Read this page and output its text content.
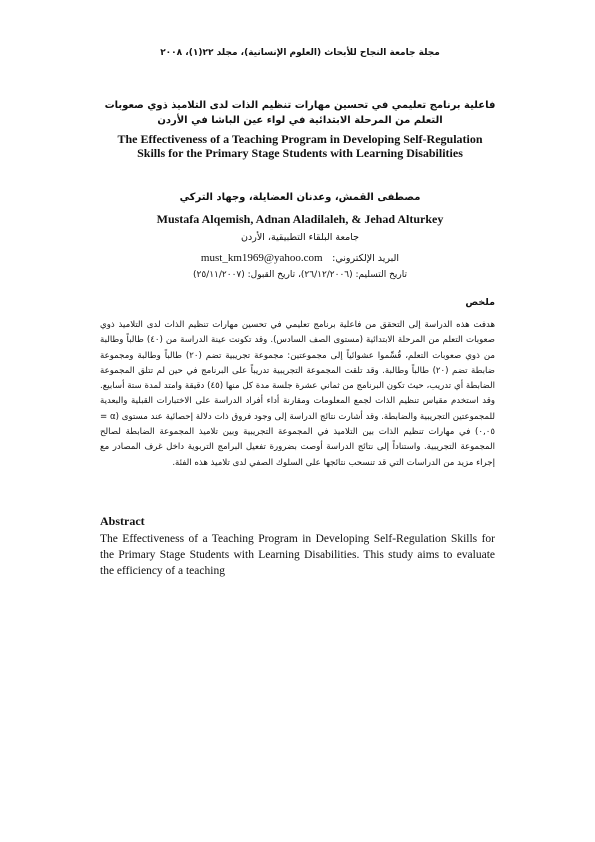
مجلة جامعة النجاح للأبحاث (العلوم الإنسانية)، مجلد ٢٢(١)، ٢٠٠٨
فاعلية برنامج تعليمي في تحسين مهارات تنظيم الذات لدى التلاميذ ذوي صعوبات التعلم من المرحلة الابتدائية في لواء عين الباشا في الأردن
The Effectiveness of a Teaching Program in Developing Self-Regulation Skills for the Primary Stage Students with Learning Disabilities
مصطفى القمش، وعدنان العضايلة، وجهاد التركي
Mustafa Alqemish, Adnan Aladilaleh, & Jehad Alturkey
جامعة البلقاء التطبيقية، الأردن
البريد الإلكتروني:   must_km1969@yahoo.com
تاريخ التسليم: (٢٦/١٢/٢٠٠٦)، تاريخ القبول: (٢٥/١١/٢٠٠٧)
ملخص
هدفت هذه الدراسة إلى التحقق من فاعلية برنامج تعليمي في تحسين مهارات تنظيم الذات لدى التلاميذ ذوي صعوبات التعلم من المرحلة الابتدائية (مستوى الصف السادس). وقد تكونت عينة الدراسة من (٤٠) طالباً وطالبة من ذوي صعوبات التعلم، قُسِّموا عشوائياً إلى مجموعتين: مجموعة تجريبية تضم (٢٠) طالباً وطالبة ومجموعة ضابطة تضم (٢٠) طالباً وطالبة. وقد تلقت المجموعة التجريبية تدريباً على البرنامج في حين لم تتلق المجموعة الضابطة أي تدريب، حيث تكون البرنامج من ثماني عشرة جلسة مدة كل منها (٤٥) دقيقة وامتد لمدة ستة أسابيع. وقد استخدم مقياس تنظيم الذات لجمع المعلومات ومقارنة أداء أفراد الدراسة على الاختبارات القبلية والبعدية للمجموعتين التجريبية والضابطة. وقد أشارت نتائج الدراسة إلى وجود فروق ذات دلالة إحصائية عند مستوى (α = ٠,٠٥) في مهارات تنظيم الذات بين التلاميذ في المجموعة التجريبية وبين تلاميذ المجموعة الضابطة لصالح المجموعة التجريبية. واستناداً إلى نتائج الدراسة أوصت بضرورة تفعيل البرامج التربوية داخل غرف المصادر مع إجراء مزيد من الدراسات التي قد تنسحب نتائجها على السلوك الصفي لدى تلاميذ هذه الفئة.
Abstract
The Effectiveness of a Teaching Program in Developing Self-Regulation Skills for the Primary Stage Students with Learning Disabilities. This study aims to evaluate the efficiency of a teaching
